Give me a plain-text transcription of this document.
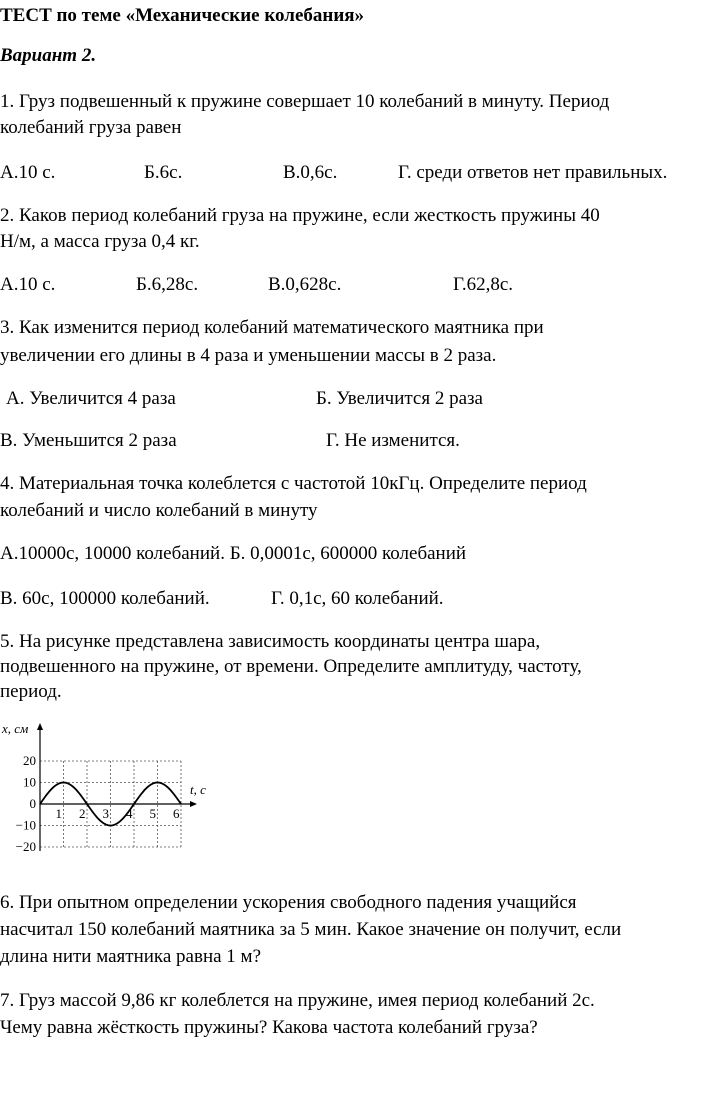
ТЕСТ по теме «Механические колебания»
Вариант 2.
1. Груз подвешенный к пружине совершает 10 колебаний в минуту. Период
колебаний груза равен
А.10 с.	Б.6с.	В.0,6с.	Г. среди ответов нет правильных.
2. Каков период колебаний груза на пружине, если жесткость пружины 40
Н/м, а масса груза 0,4 кг.
А.10 с.	Б.6,28с.	В.0,628с.	Г.62,8с.
3. Как изменится период колебаний математического маятника при
увеличении его длины в 4 раза и уменьшении массы в 2 раза.
А. Увеличится 4 раза	Б. Увеличится 2 раза
В. Уменьшится 2 раза	Г. Не изменится.
4. Материальная точка колеблется с частотой 10кГц. Определите период
колебаний и число колебаний в минуту
А.10000с, 10000 колебаний. Б. 0,0001с, 600000 колебаний
В. 60с, 100000 колебаний.	Г. 0,1с, 60 колебаний.
5. На рисунке представлена зависимость координаты центра шара,
подвешенного на пружине, от времени. Определите амплитуду, частоту,
период.
1 2 3 4 5 6
20
10
0
−10
−20
x, см
t, с
6. При опытном определении ускорения свободного падения учащийся
насчитал 150 колебаний маятника за 5 мин. Какое значение он получит, если
длина нити маятника равна 1 м?
7. Груз массой 9,86 кг колеблется на пружине, имея период колебаний 2с.
Чему равна жёсткость пружины? Какова частота колебаний груза?
